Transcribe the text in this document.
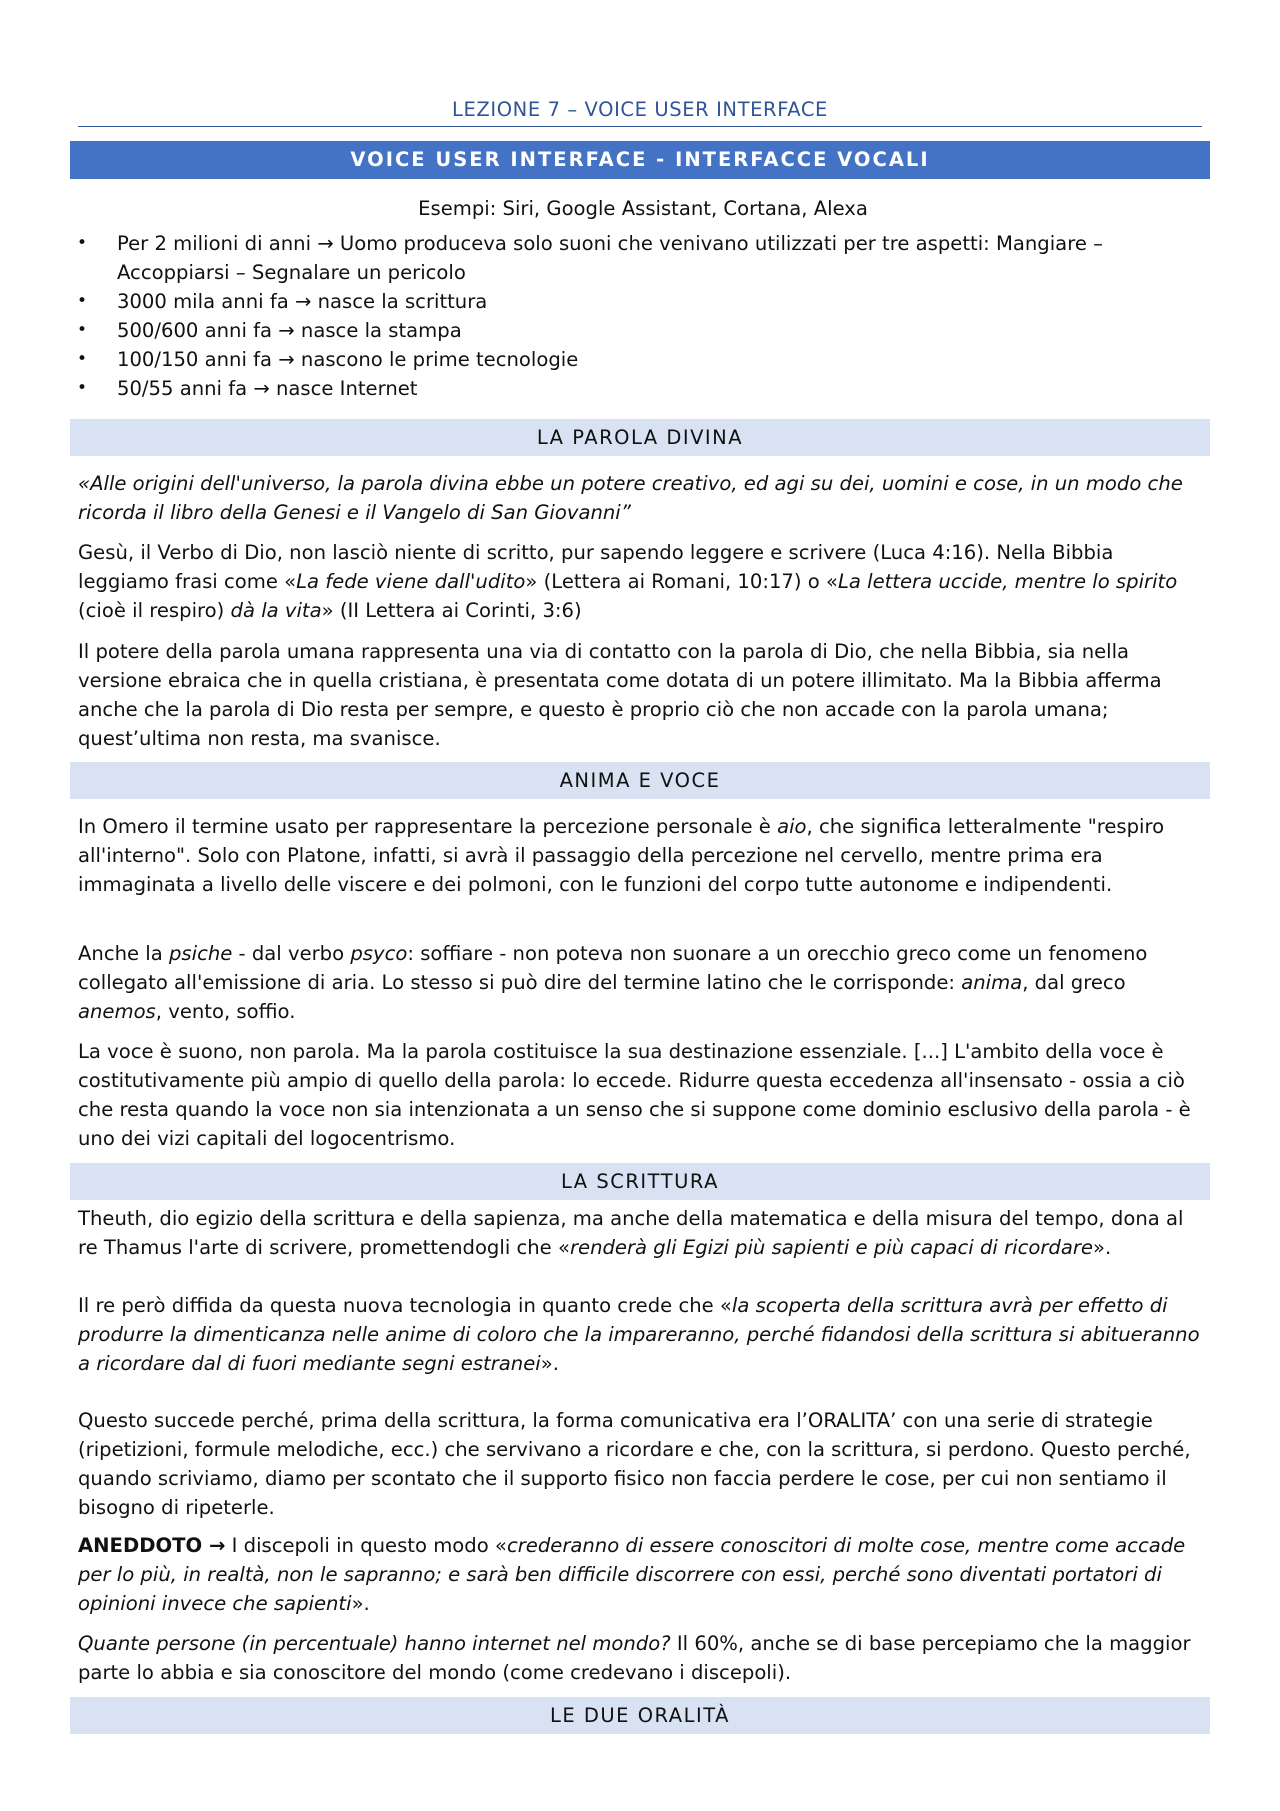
LEZIONE 7 – VOICE USER INTERFACE
VOICE USER INTERFACE - INTERFACCE VOCALI
Esempi: Siri, Google Assistant, Cortana, Alexa
• Per 2 milioni di anni → Uomo produceva solo suoni che venivano utilizzati per tre aspetti: Mangiare – Accoppiarsi – Segnalare un pericolo
• 3000 mila anni fa → nasce la scrittura
• 500/600 anni fa → nasce la stampa
• 100/150 anni fa → nascono le prime tecnologie
• 50/55 anni fa → nasce Internet
LA PAROLA DIVINA

«Alle origini dell'universo, la parola divina ebbe un potere creativo, ed agi su dei, uomini e cose, in un modo che ricorda il libro della Genesi e il Vangelo di San Giovanni”

Gesù, il Verbo di Dio, non lasciò niente di scritto, pur sapendo leggere e scrivere (Luca 4:16). Nella Bibbia leggiamo frasi come «La fede viene dall'udito» (Lettera ai Romani, 10:17) o «La lettera uccide, mentre lo spirito (cioè il respiro) dà la vita» (II Lettera ai Corinti, 3:6)

Il potere della parola umana rappresenta una via di contatto con la parola di Dio, che nella Bibbia, sia nella versione ebraica che in quella cristiana, è presentata come dotata di un potere illimitato. Ma la Bibbia afferma anche che la parola di Dio resta per sempre, e questo è proprio ciò che non accade con la parola umana; quest’ultima non resta, ma svanisce.

ANIMA E VOCE

In Omero il termine usato per rappresentare la percezione personale è aio, che significa letteralmente "respiro all'interno". Solo con Platone, infatti, si avrà il passaggio della percezione nel cervello, mentre prima era immaginata a livello delle viscere e dei polmoni, con le funzioni del corpo tutte autonome e indipendenti.

Anche la psiche - dal verbo psyco: soffiare - non poteva non suonare a un orecchio greco come un fenomeno collegato all'emissione di aria. Lo stesso si può dire del termine latino che le corrisponde: anima, dal greco anemos, vento, soffio.

La voce è suono, non parola. Ma la parola costituisce la sua destinazione essenziale. [...] L'ambito della voce è costitutivamente più ampio di quello della parola: lo eccede. Ridurre questa eccedenza all'insensato - ossia a ciò che resta quando la voce non sia intenzionata a un senso che si suppone come dominio esclusivo della parola - è uno dei vizi capitali del logocentrismo.

LA SCRITTURA

Theuth, dio egizio della scrittura e della sapienza, ma anche della matematica e della misura del tempo, dona al re Thamus l'arte di scrivere, promettendogli che «renderà gli Egizi più sapienti e più capaci di ricordare».

Il re però diffida da questa nuova tecnologia in quanto crede che «la scoperta della scrittura avrà per effetto di produrre la dimenticanza nelle anime di coloro che la impareranno, perché fidandosi della scrittura si abitueranno a ricordare dal di fuori mediante segni estranei».

Questo succede perché, prima della scrittura, la forma comunicativa era l’ORALITA’ con una serie di strategie (ripetizioni, formule melodiche, ecc.) che servivano a ricordare e che, con la scrittura, si perdono. Questo perché, quando scriviamo, diamo per scontato che il supporto fisico non faccia perdere le cose, per cui non sentiamo il bisogno di ripeterle.

ANEDDOTO → I discepoli in questo modo «crederanno di essere conoscitori di molte cose, mentre come accade per lo più, in realtà, non le sapranno; e sarà ben difficile discorrere con essi, perché sono diventati portatori di opinioni invece che sapienti».

Quante persone (in percentuale) hanno internet nel mondo? Il 60%, anche se di base percepiamo che la maggior parte lo abbia e sia conoscitore del mondo (come credevano i discepoli).

LE DUE ORALITÀ
